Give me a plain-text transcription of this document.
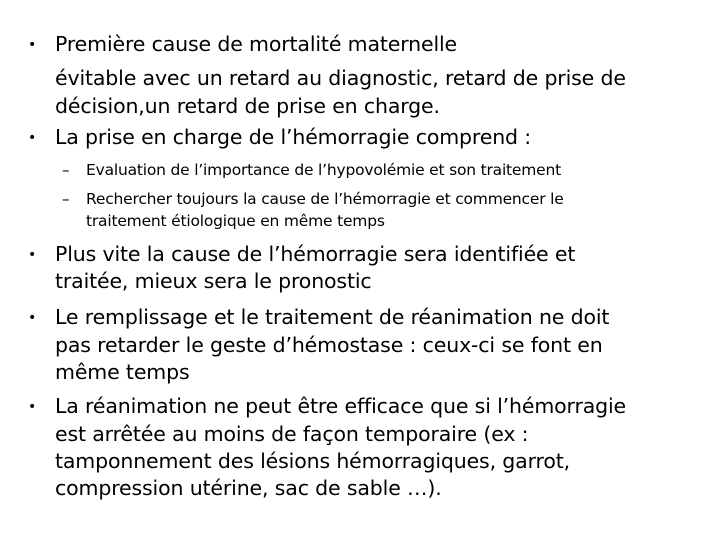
• Première cause de mortalité maternelle
évitable avec un retard au diagnostic, retard de prise de
décision,un retard de prise en charge.
• La prise en charge de l’hémorragie comprend :
– Evaluation de l’importance de l’hypovolémie et son traitement
– Rechercher toujours la cause de l’hémorragie et commencer le
traitement étiologique en même temps
• Plus vite la cause de l’hémorragie sera identifiée et
traitée, mieux sera le pronostic
• Le remplissage et le traitement de réanimation ne doit
pas retarder le geste d’hémostase : ceux-ci se font en
même temps
• La réanimation ne peut être efficace que si l’hémorragie
est arrêtée au moins de façon temporaire (ex :
tamponnement des lésions hémorragiques, garrot,
compression utérine, sac de sable …).
